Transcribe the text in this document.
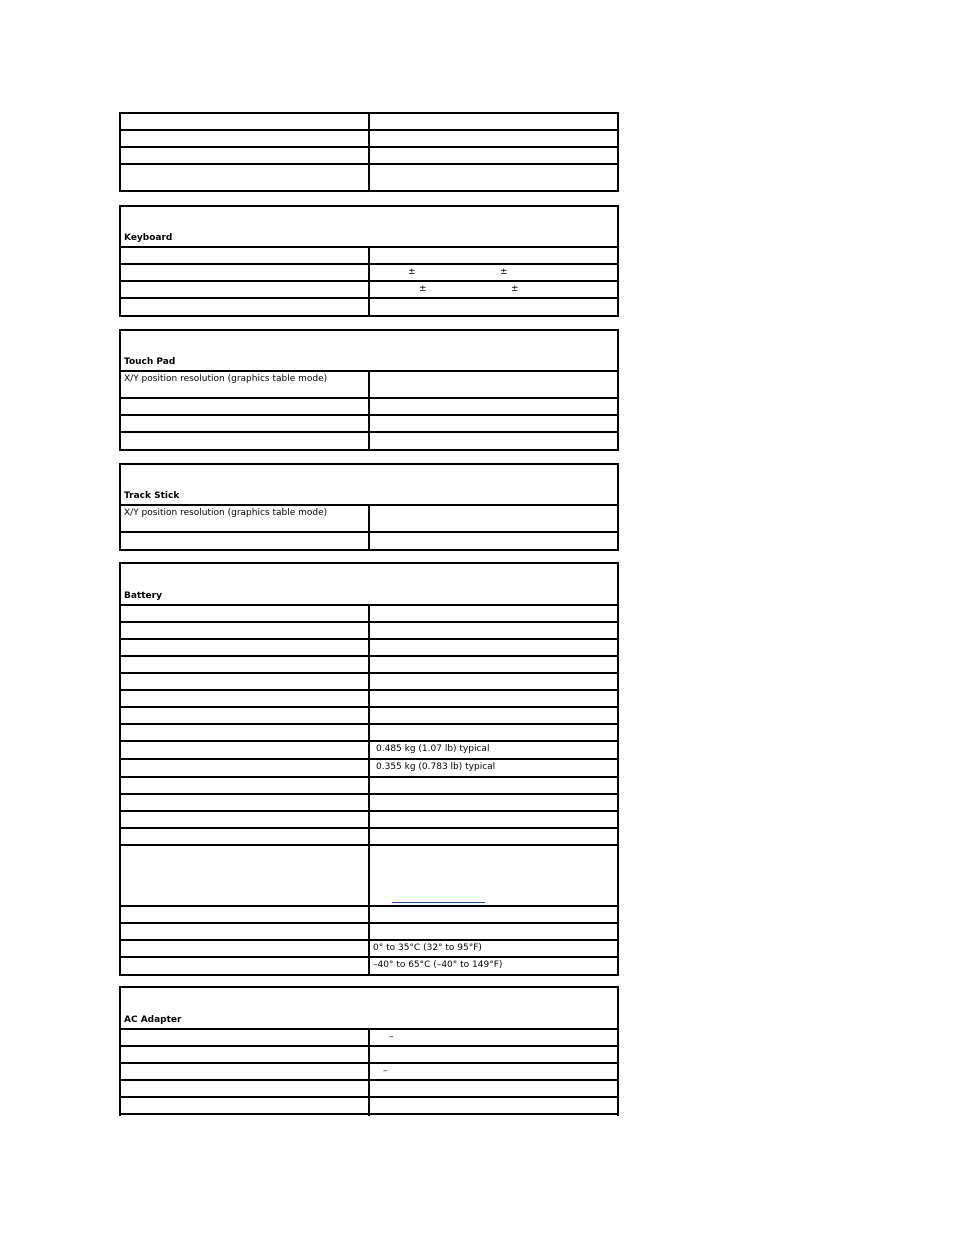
Keyboard
±	±
±	±
Touch Pad
X/Y position resolution (graphics table mode)
Track Stick
X/Y position resolution (graphics table mode)
Battery
0.485 kg (1.07 lb) typical
0.355 kg (0.783 lb) typical
0° to 35°C (32° to 95°F)
–40° to 65°C (–40° to 149°F)
AC Adapter
–
–
